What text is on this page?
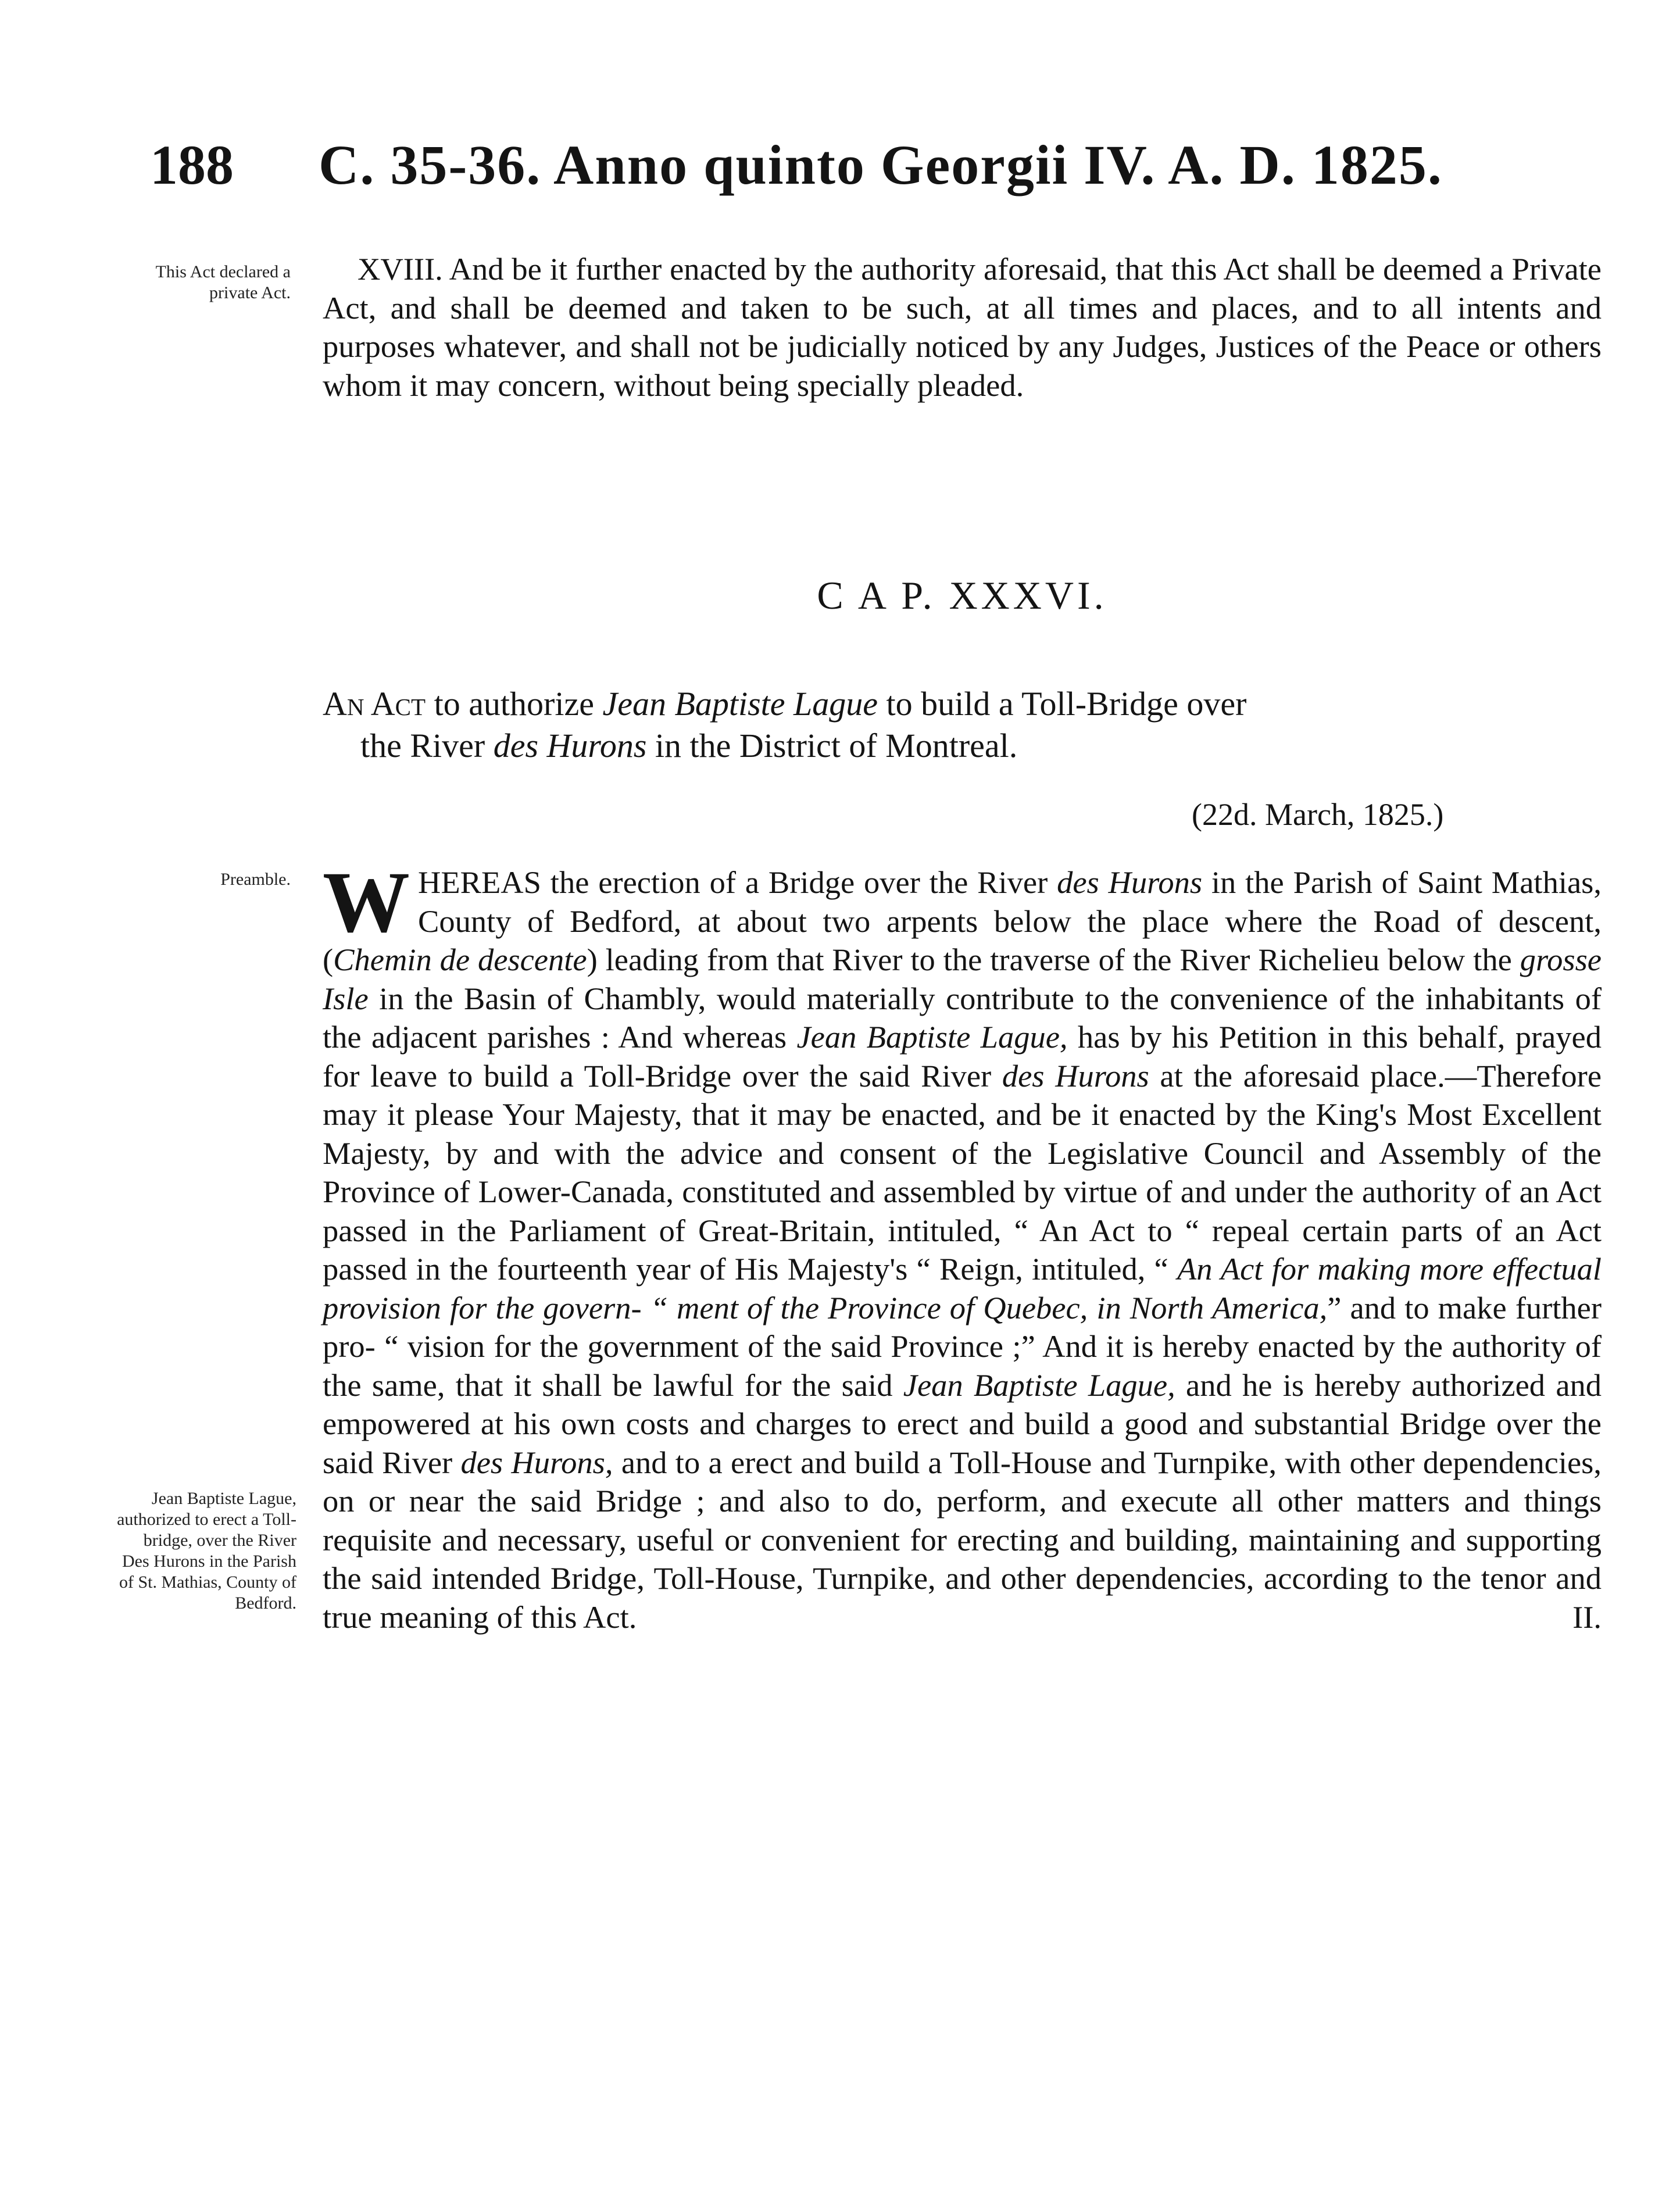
188 C. 35-36. Anno quinto Georgii IV. A. D. 1825.
This Act declared a private Act.

XVIII. And be it further enacted by the authority aforesaid, that this Act shall be deemed a Private Act, and shall be deemed and taken to be such, at all times and places, and to all intents and purposes whatever, and shall not be judicially noticed by any Judges, Justices of the Peace or others whom it may concern, without being specially pleaded.

C A P. XXXVI.
An Act to authorize Jean Baptiste Lague to build a Toll-Bridge over
the River des Hurons in the District of Montreal.
(22d. March, 1825.)
Preamble.
Jean Baptiste Lague, authorized to erect a Toll-bridge, over the River Des Hurons in the Parish of St. Mathias, County of Bedford.

WHEREAS the erection of a Bridge over the River des Hurons in the Parish of Saint Mathias, County of Bedford, at about two arpents below the place where the Road of descent, (Chemin de descente) leading from that River to the traverse of the River Richelieu below the grosse Isle in the Basin of Chambly, would materially contribute to the convenience of the inhabitants of the adjacent parishes : And whereas Jean Baptiste Lague, has by his Petition in this behalf, prayed for leave to build a Toll-Bridge over the said River des Hurons at the aforesaid place.—Therefore may it please Your Majesty, that it may be enacted, and be it enacted by the King's Most Excellent Majesty, by and with the advice and consent of the Legislative Council and Assembly of the Province of Lower-Canada, constituted and assembled by virtue of and under the authority of an Act passed in the Parliament of Great-Britain, intituled, “ An Act to “ repeal certain parts of an Act passed in the fourteenth year of His Majesty's “ Reign, intituled, “ An Act for making more effectual provision for the govern- “ ment of the Province of Quebec, in North America,” and to make further pro- “ vision for the government of the said Province ;” And it is hereby enacted by the authority of the same, that it shall be lawful for the said Jean Baptiste Lague, and he is hereby authorized and empowered at his own costs and charges to erect and build a good and substantial Bridge over the said River des Hurons, and to a erect and build a Toll-House and Turnpike, with other dependencies, on or near the said Bridge ; and also to do, perform, and execute all other matters and things requisite and necessary, useful or convenient for erecting and building, maintaining and supporting the said intended Bridge, Toll-House, Turnpike, and other dependencies, according to the tenor and true meaning of this Act.	II.
